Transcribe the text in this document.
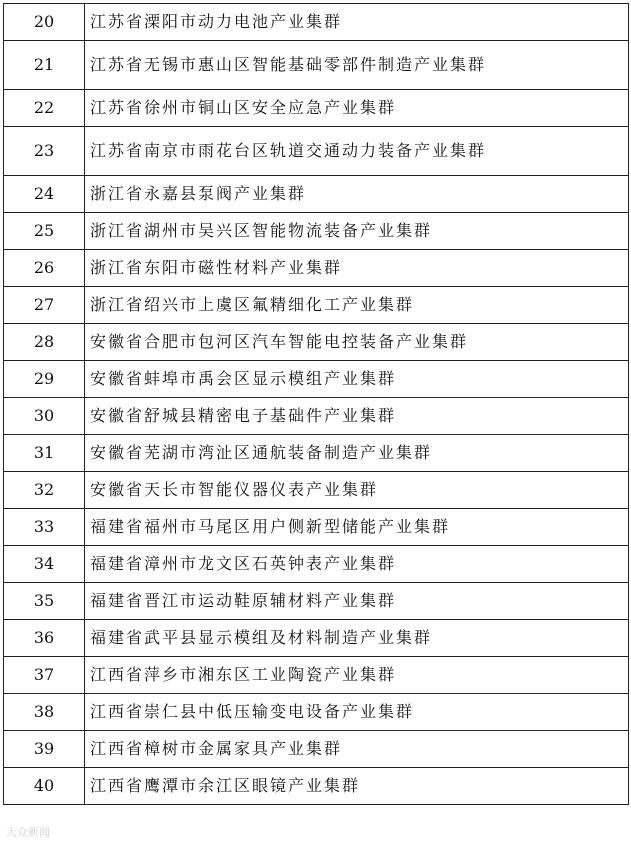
20	江苏省溧阳市动力电池产业集群
21	江苏省无锡市惠山区智能基础零部件制造产业集群
22	江苏省徐州市铜山区安全应急产业集群
23	江苏省南京市雨花台区轨道交通动力装备产业集群
24	浙江省永嘉县泵阀产业集群
25	浙江省湖州市吴兴区智能物流装备产业集群
26	浙江省东阳市磁性材料产业集群
27	浙江省绍兴市上虞区氟精细化工产业集群
28	安徽省合肥市包河区汽车智能电控装备产业集群
29	安徽省蚌埠市禹会区显示模组产业集群
30	安徽省舒城县精密电子基础件产业集群
31	安徽省芜湖市湾沚区通航装备制造产业集群
32	安徽省天长市智能仪器仪表产业集群
33	福建省福州市马尾区用户侧新型储能产业集群
34	福建省漳州市龙文区石英钟表产业集群
35	福建省晋江市运动鞋原辅材料产业集群
36	福建省武平县显示模组及材料制造产业集群
37	江西省萍乡市湘东区工业陶瓷产业集群
38	江西省崇仁县中低压输变电设备产业集群
39	江西省樟树市金属家具产业集群
40	江西省鹰潭市余江区眼镜产业集群
大众新闻
